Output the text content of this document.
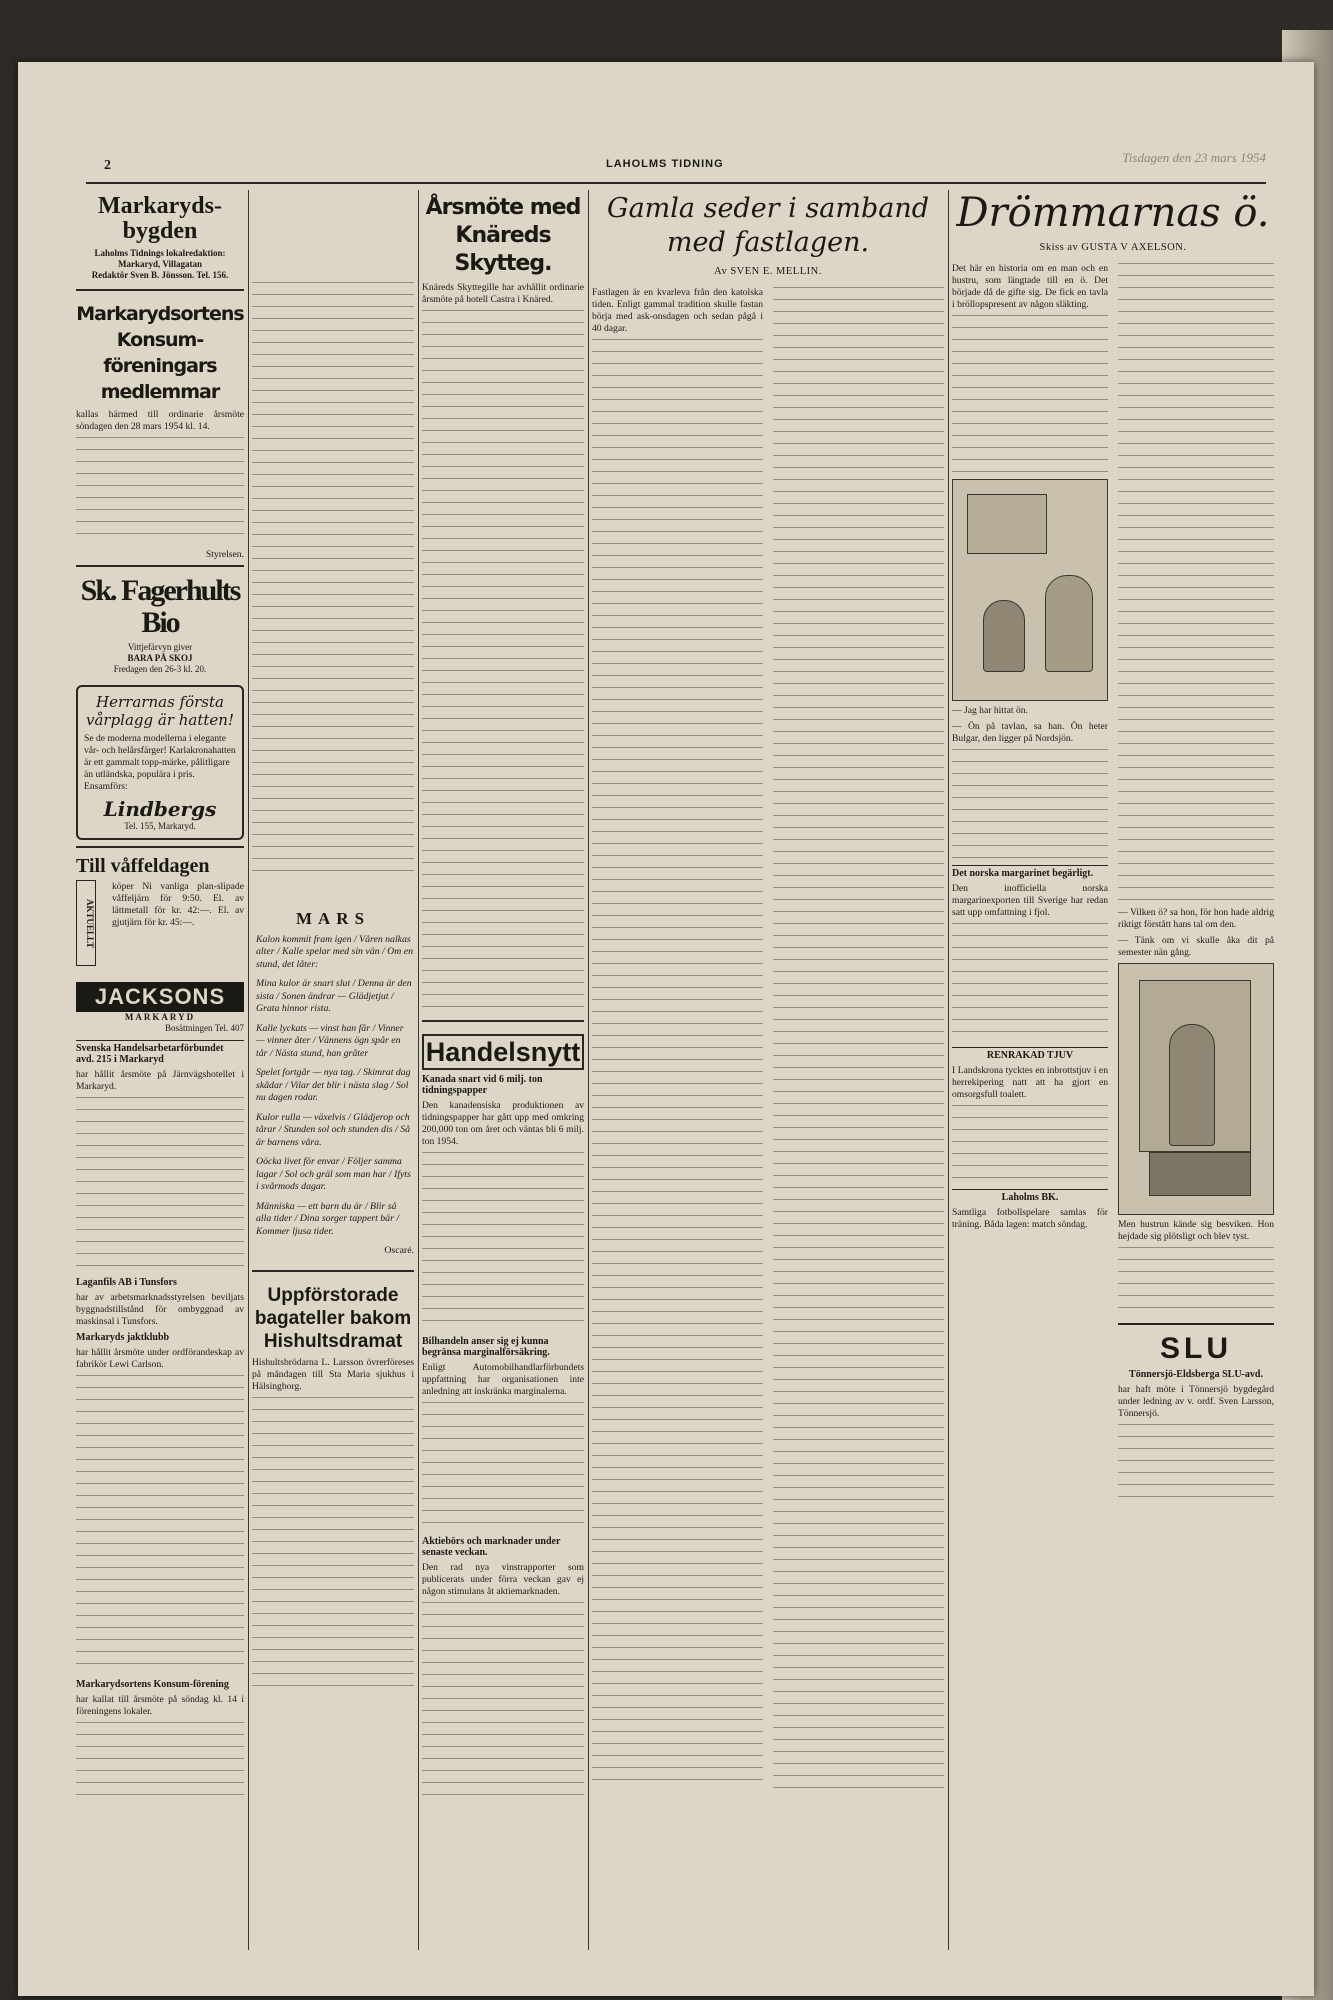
2	LAHOLMS TIDNING	Tisdagen den 23 mars 1954
Markaryds-bygden
Laholms Tidnings lokalredaktion: Markaryd, Villagatan
Redaktör Sven B. Jönsson. Tel. 156.
Markarydsortens Konsum-föreningars medlemmar
kallas härmed till ordinarie årsmöte söndagen den 28 mars 1954 kl. 14.
Styrelsen.
Sk. Fagerhults Bio
Vittjefärvyn giver
BARA PÅ SKOJ
Fredagen den 26-3 kl. 20.
Herrarnas första vårplagg är hatten!
Se de moderna modellerna i elegante vår- och helårsfärger! Karlakronahatten är ett gammalt topp-märke, pålitligare än utländska, populära i pris. Ensamförs:
Lindbergs
Tel. 155, Markaryd.
Till våffeldagen
AKTUELLT
köper Ni vanliga plan-slipade våffeljärn för 9:50. El. av lättmetall för kr. 42:—. El. av gjutjärn för kr. 45:—.
JACKSONS
MARKARYD
Bosättningen Tel. 407
Svenska Handelsarbetarförbundet avd. 215 i Markaryd
har hållit årsmöte på Järnvägshotellet i Markaryd.
Laganfils AB i Tunsfors
har av arbetsmarknadsstyrelsen beviljats byggnadstillstånd för ombyggnad av maskinsal i Tunsfors.
Markaryds jaktklubb
har hållit årsmöte under ordförandeskap av fabrikör Lewi Carlson.
Markarydsortens Konsum-förening
har kallat till årsmöte på söndag kl. 14 i föreningens lokaler.
MARS
Kalon kommit fram igen / Våren nalkas alter / Kalle spelar med sin vän / Om en stund, det låter:
Mina kulor är snart slut / Denna är den sista / Sonen ändrar — Glädjetjut / Grata hinnor rista.
Kalle lyckats — vinst han får / Vinner — vinner åter / Vännens ögn spår en tår / Nästa stund, han gråter
Spelet fortgår — nya tag. / Skimrat dag skådar / Vilar det blir i nästa slag / Sol nu dagen rodar.
Kulor rulla — växelvis / Glädjerop och tårar / Stunden sol och stunden dis / Så är barnens våra.
Oöcka livet för envar / Följer samma lagar / Sol och gräl som man har / Ifyts i svårmods dagar.
Människa — ett barn du är / Blir så alla tider / Dina sorger tappert bär / Kommer ljusa tider.
Oscaré.
Uppförstorade bagateller bakom Hishultsdramat
Hishultsbrödarna L. Larsson övrerföreses på måndagen till Sta Maria sjukhus i Hälsingborg.
Årsmöte med Knäreds Skytteg.
Knäreds Skyttegille har avhållit ordinarie årsmöte på hotell Castra i Knäred.
Handelsnytt
Kanada snart vid 6 milj. ton tidningspapper
Den kanadensiska produktionen av tidningspapper har gått upp med omkring 200,000 ton om året och väntas bli 6 milj. ton 1954.
Bilhandeln anser sig ej kunna begränsa marginalförsäkring.
Enligt Automobilhandlarförbundets uppfattning har organisationen inte anledning att inskränka marginalerna.
Aktiebörs och marknader under senaste veckan.
Den rad nya vinstrapporter som publicerats under förra veckan gav ej någon stimulans åt aktiemarknaden.
Gamla seder i samband med fastlagen.
Av SVEN E. MELLIN.
Fastlagen är en kvarleva från den katolska tiden. Enligt gammal tradition skulle fastan börja med ask-onsdagen och sedan pågå i 40 dagar.
Drömmarnas ö.
Skiss av GUSTA V AXELSON.
Det här en historia om en man och en hustru, som längtade till en ö. Det började då de gifte sig. De fick en tavla i bröllopspresent av någon släkting.
— Jag har hittat ön.
— Ön på tavlan, sa han. Ön heter Bulgar, den ligger på Nordsjön.
Det norska margarinet begärligt.
Den inofficiella norska margarinexporten till Sverige har redan satt upp omfattning i fjol.
RENRAKAD TJUV
I Landskrona tycktes en inbrottstjuv i en herrekipering natt att ha gjort en omsorgsfull toalett.
Laholms BK.
Samtliga fotbollspelare samlas för träning. Båda lagen: match söndag.
— Vilken ö? sa hon, för hon hade aldrig riktigt förstått hans tal om den.
— Tänk om vi skulle åka dit på semester nän gång.
Men hustrun kände sig besviken. Hon hejdade sig plötsligt och blev tyst.
SLU
Tönnersjö-Eldsberga SLU-avd.
har haft möte i Tönnersjö bygdegård under ledning av v. ordf. Sven Larsson, Tönnersjö.
